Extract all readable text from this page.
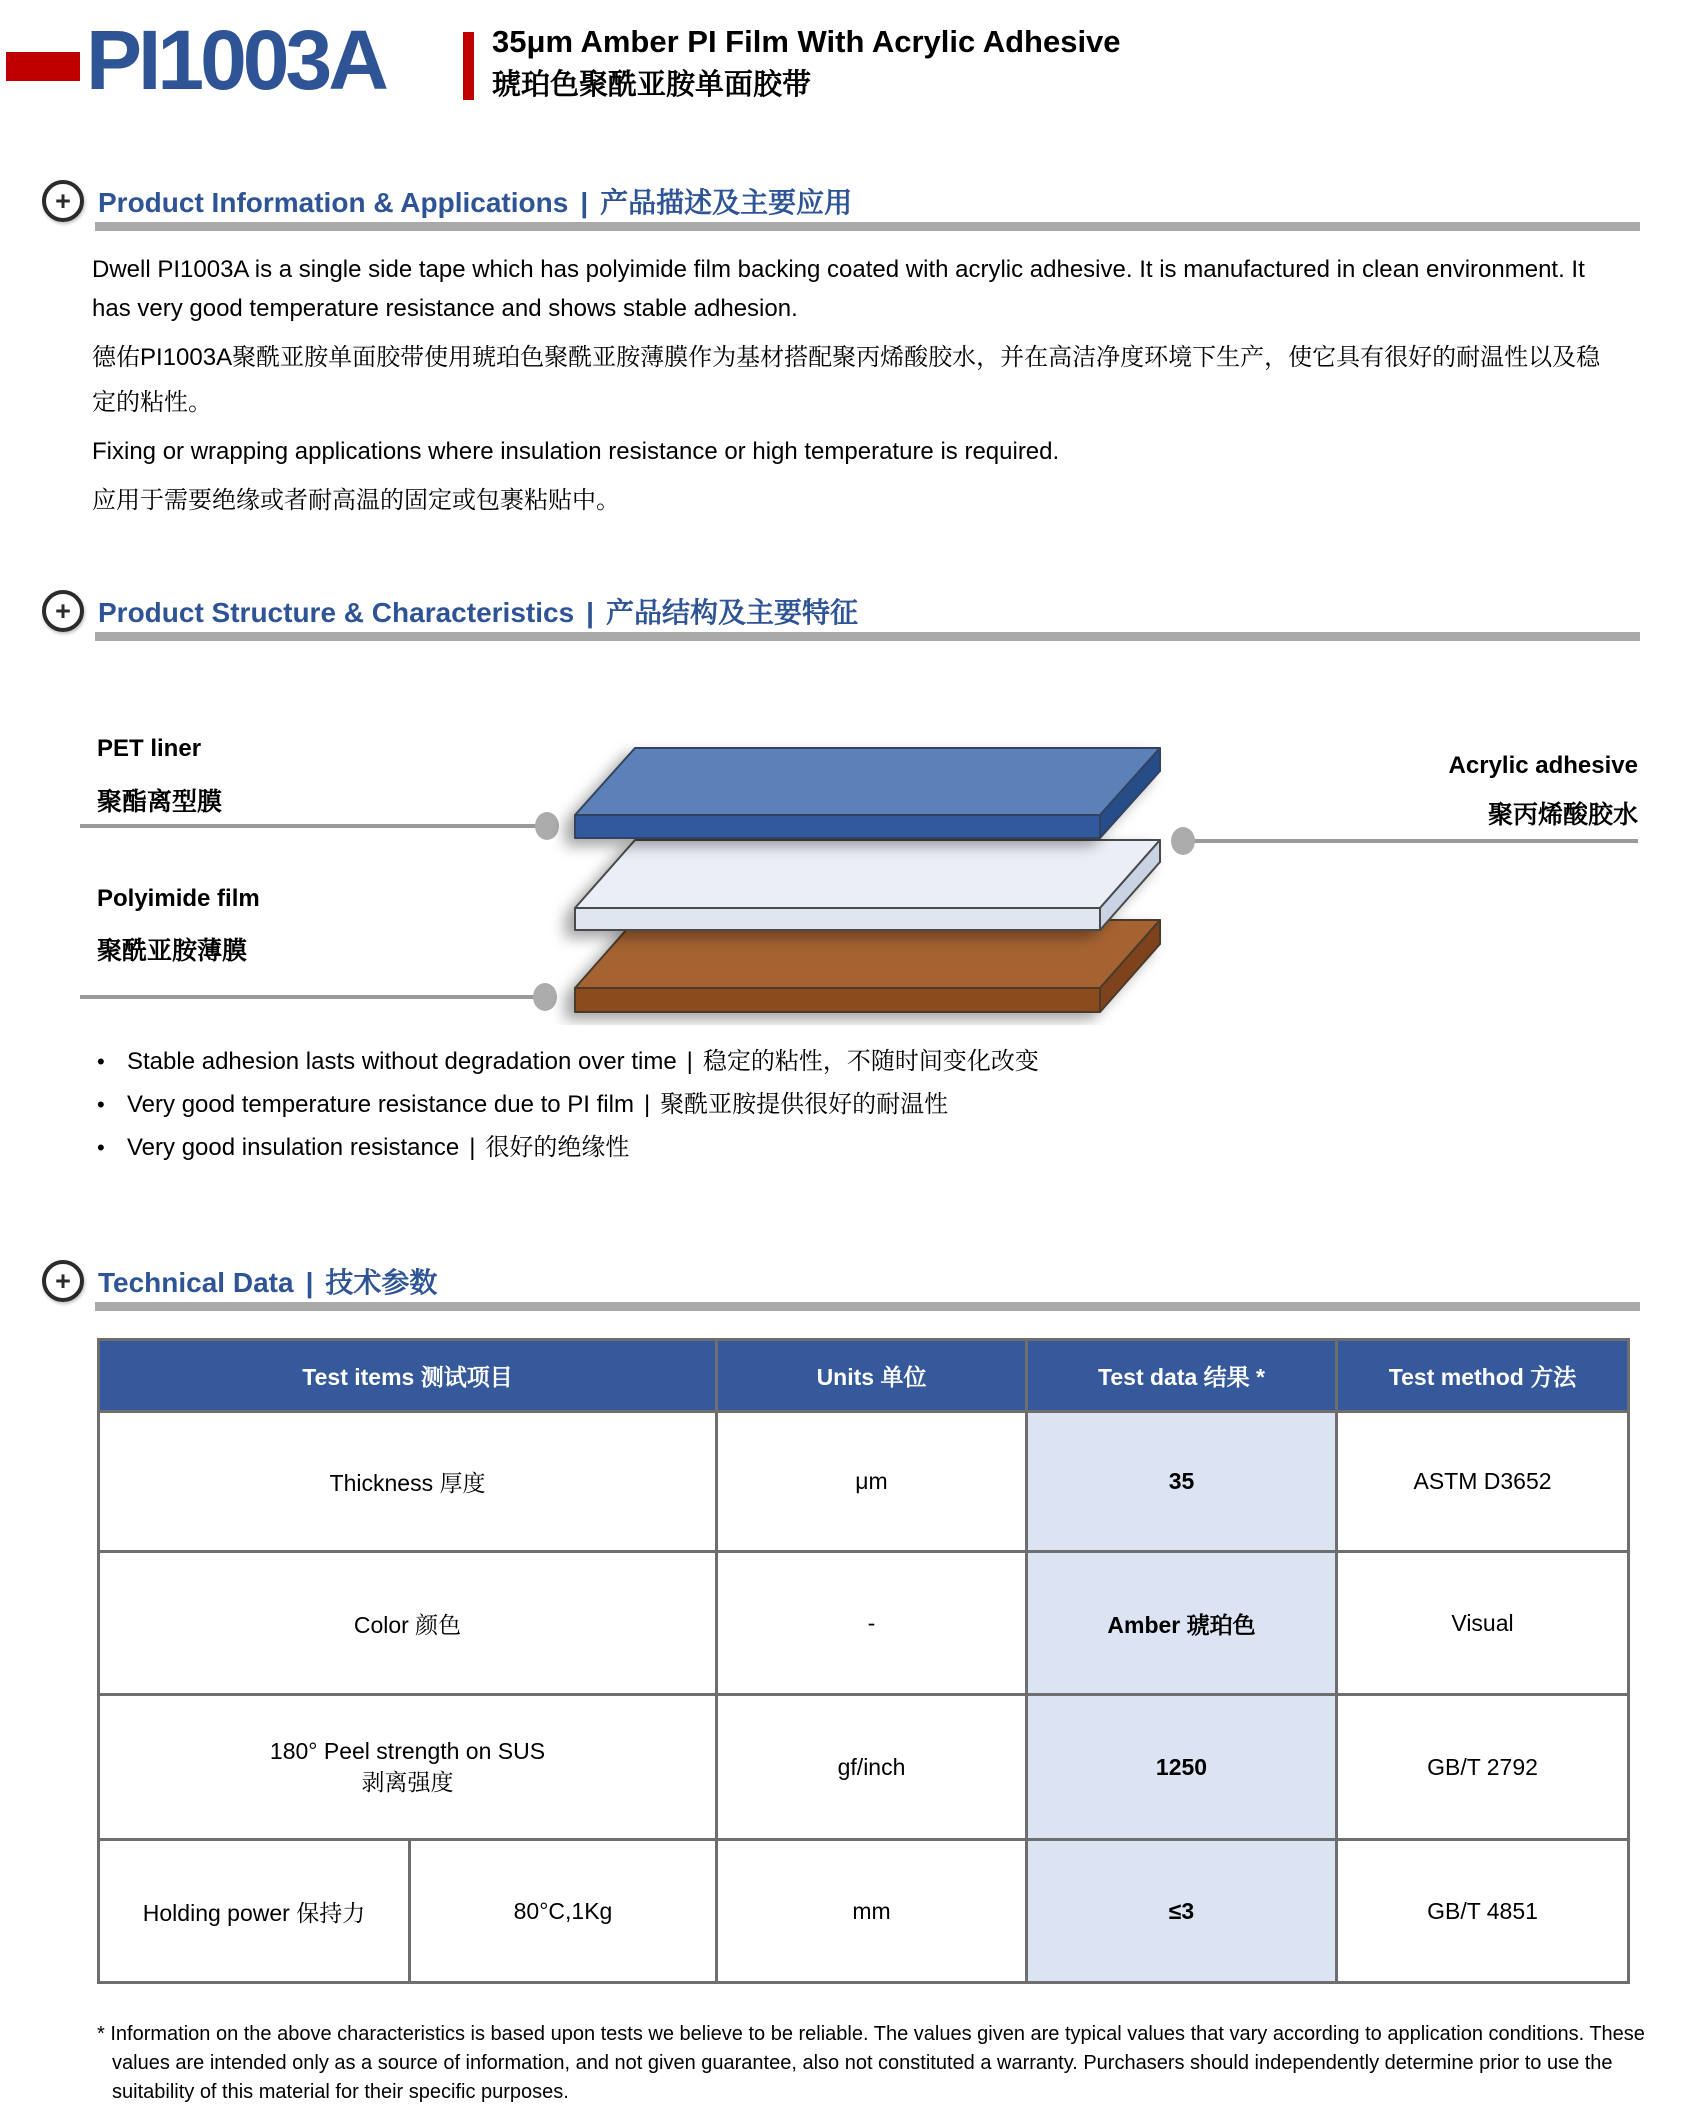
PI1003A	35μm Amber PI Film With Acrylic Adhesive
琥珀色聚酰亚胺单面胶带
+ Product Information & Applications | 产品描述及主要应用

Dwell PI1003A is a single side tape which has polyimide film backing coated with acrylic adhesive. It is manufactured in clean environment. It has very good temperature resistance and shows stable adhesion.

德佑PI1003A聚酰亚胺单面胶带使用琥珀色聚酰亚胺薄膜作为基材搭配聚丙烯酸胶水，并在高洁净度环境下生产，使它具有很好的耐温性以及稳定的粘性。

Fixing or wrapping applications where insulation resistance or high temperature is required.

应用于需要绝缘或者耐高温的固定或包裹粘贴中。

+ Product Structure & Characteristics | 产品结构及主要特征
PET liner
聚酯离型膜
Polyimide film
聚酰亚胺薄膜
Acrylic adhesive
聚丙烯酸胶水
• Stable adhesion lasts without degradation over time | 稳定的粘性，不随时间变化改变
• Very good temperature resistance due to PI film | 聚酰亚胺提供很好的耐温性
• Very good insulation resistance | 很好的绝缘性
+ Technical Data | 技术参数
Test items 测试项目		Units 单位	Test data 结果 *	Test method 方法
Thickness 厚度		μm	35	ASTM D3652
Color 颜色		-	Amber 琥珀色	Visual

180° Peel strength on SUS
剥离强度		gf/inch	1250	GB/T 2792
Holding power 保持力	80°C,1Kg	mm	≤3	GB/T 4851
* Information on the above characteristics is based upon tests we believe to be reliable. The values given are typical values that vary according to application conditions. These values are intended only as a source of information, and not given guarantee, also not constituted a warranty. Purchasers should independently determine prior to use the suitability of this material for their specific purposes.
